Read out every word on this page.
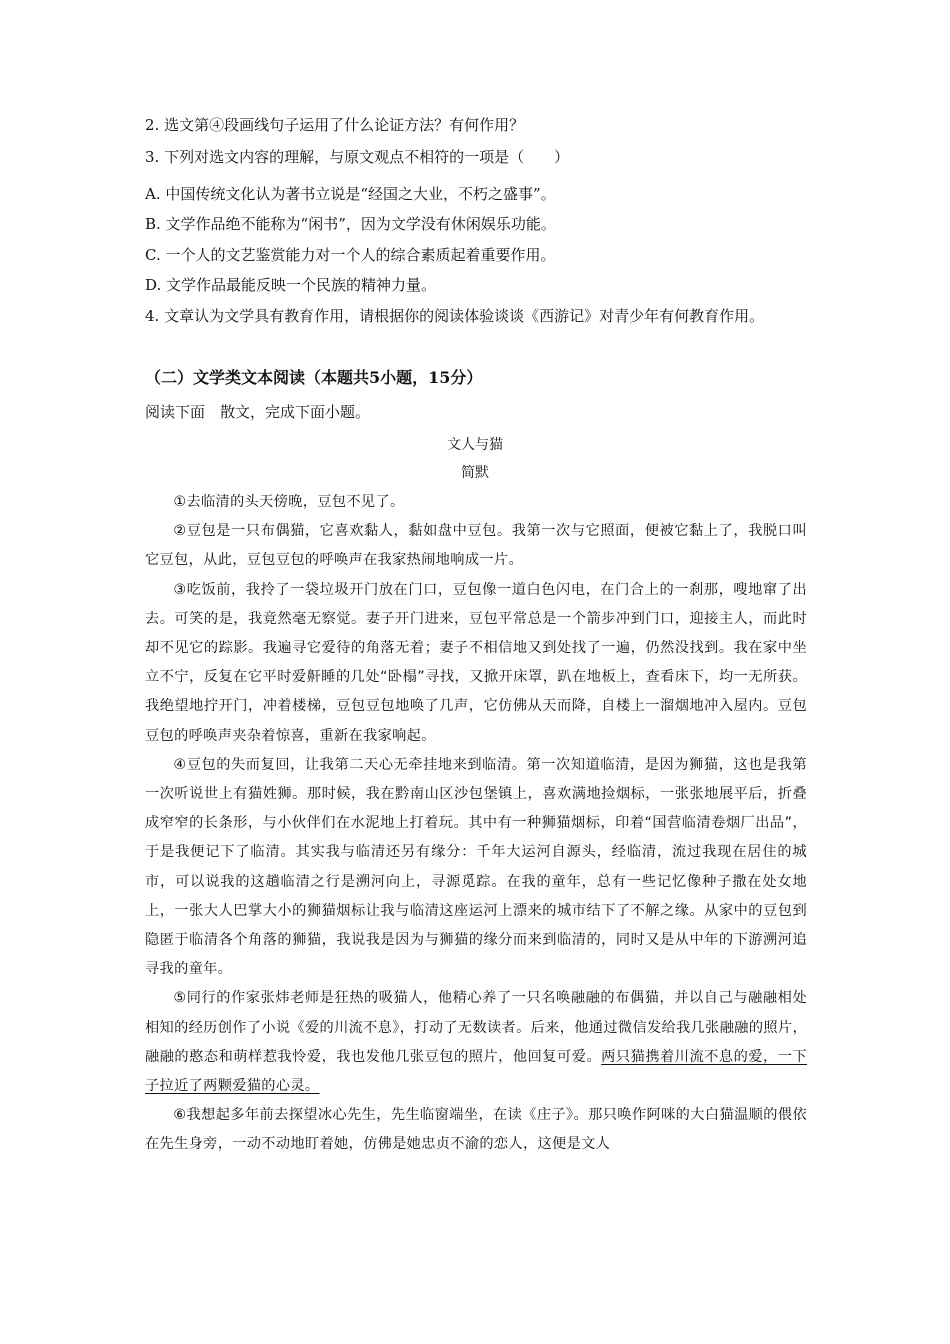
2. 选文第④段画线句子运用了什么论证方法？有何作用？
3. 下列对选文内容的理解，与原文观点不相符的一项是（　　）
A. 中国传统文化认为著书立说是“经国之大业，不朽之盛事”。
B. 文学作品绝不能称为“闲书”，因为文学没有休闲娱乐功能。
C. 一个人的文艺鉴赏能力对一个人的综合素质起着重要作用。
D. 文学作品最能反映一个民族的精神力量。
4. 文章认为文学具有教育作用，请根据你的阅读体验谈谈《西游记》对青少年有何教育作用。
（二）文学类文本阅读（本题共5小题，15分）
阅读下面　散文，完成下面小题。
文人与猫
简默

①去临清的头天傍晚，豆包不见了。

②豆包是一只布偶猫，它喜欢黏人，黏如盘中豆包。我第一次与它照面，便被它黏上了，我脱口叫它豆包，从此，豆包豆包的呼唤声在我家热闹地响成一片。

③吃饭前，我拎了一袋垃圾开门放在门口，豆包像一道白色闪电，在门合上的一刹那，嗖地窜了出去。可笑的是，我竟然毫无察觉。妻子开门进来，豆包平常总是一个箭步冲到门口，迎接主人，而此时却不见它的踪影。我遍寻它爱待的角落无着；妻子不相信地又到处找了一遍，仍然没找到。我在家中坐立不宁，反复在它平时爱鼾睡的几处“卧榻”寻找，又掀开床罩，趴在地板上，查看床下，均一无所获。我绝望地拧开门，冲着楼梯，豆包豆包地唤了几声，它仿佛从天而降，自楼上一溜烟地冲入屋内。豆包豆包的呼唤声夹杂着惊喜，重新在我家响起。

④豆包的失而复回，让我第二天心无牵挂地来到临清。第一次知道临清，是因为狮猫，这也是我第一次听说世上有猫姓狮。那时候，我在黔南山区沙包堡镇上，喜欢满地捡烟标，一张张地展平后，折叠成窄窄的长条形，与小伙伴们在水泥地上打着玩。其中有一种狮猫烟标，印着“国营临清卷烟厂出品”，于是我便记下了临清。其实我与临清还另有缘分：千年大运河自源头，经临清，流过我现在居住的城市，可以说我的这趟临清之行是溯河向上，寻源觅踪。在我的童年，总有一些记忆像种子撒在处女地上，一张大人巴掌大小的狮猫烟标让我与临清这座运河上漂来的城市结下了不解之缘。从家中的豆包到隐匿于临清各个角落的狮猫，我说我是因为与狮猫的缘分而来到临清的，同时又是从中年的下游溯河追寻我的童年。

⑤同行的作家张炜老师是狂热的吸猫人，他精心养了一只名唤融融的布偶猫，并以自己与融融相处相知的经历创作了小说《爱的川流不息》，打动了无数读者。后来，他通过微信发给我几张融融的照片，融融的憨态和萌样惹我怜爱，我也发他几张豆包的照片，他回复可爱。两只猫携着川流不息的爱，一下子拉近了两颗爱猫的心灵。

⑥我想起多年前去探望冰心先生，先生临窗端坐，在读《庄子》。那只唤作阿咪的大白猫温顺的偎依在先生身旁，一动不动地盯着她，仿佛是她忠贞不渝的恋人，这便是文人
